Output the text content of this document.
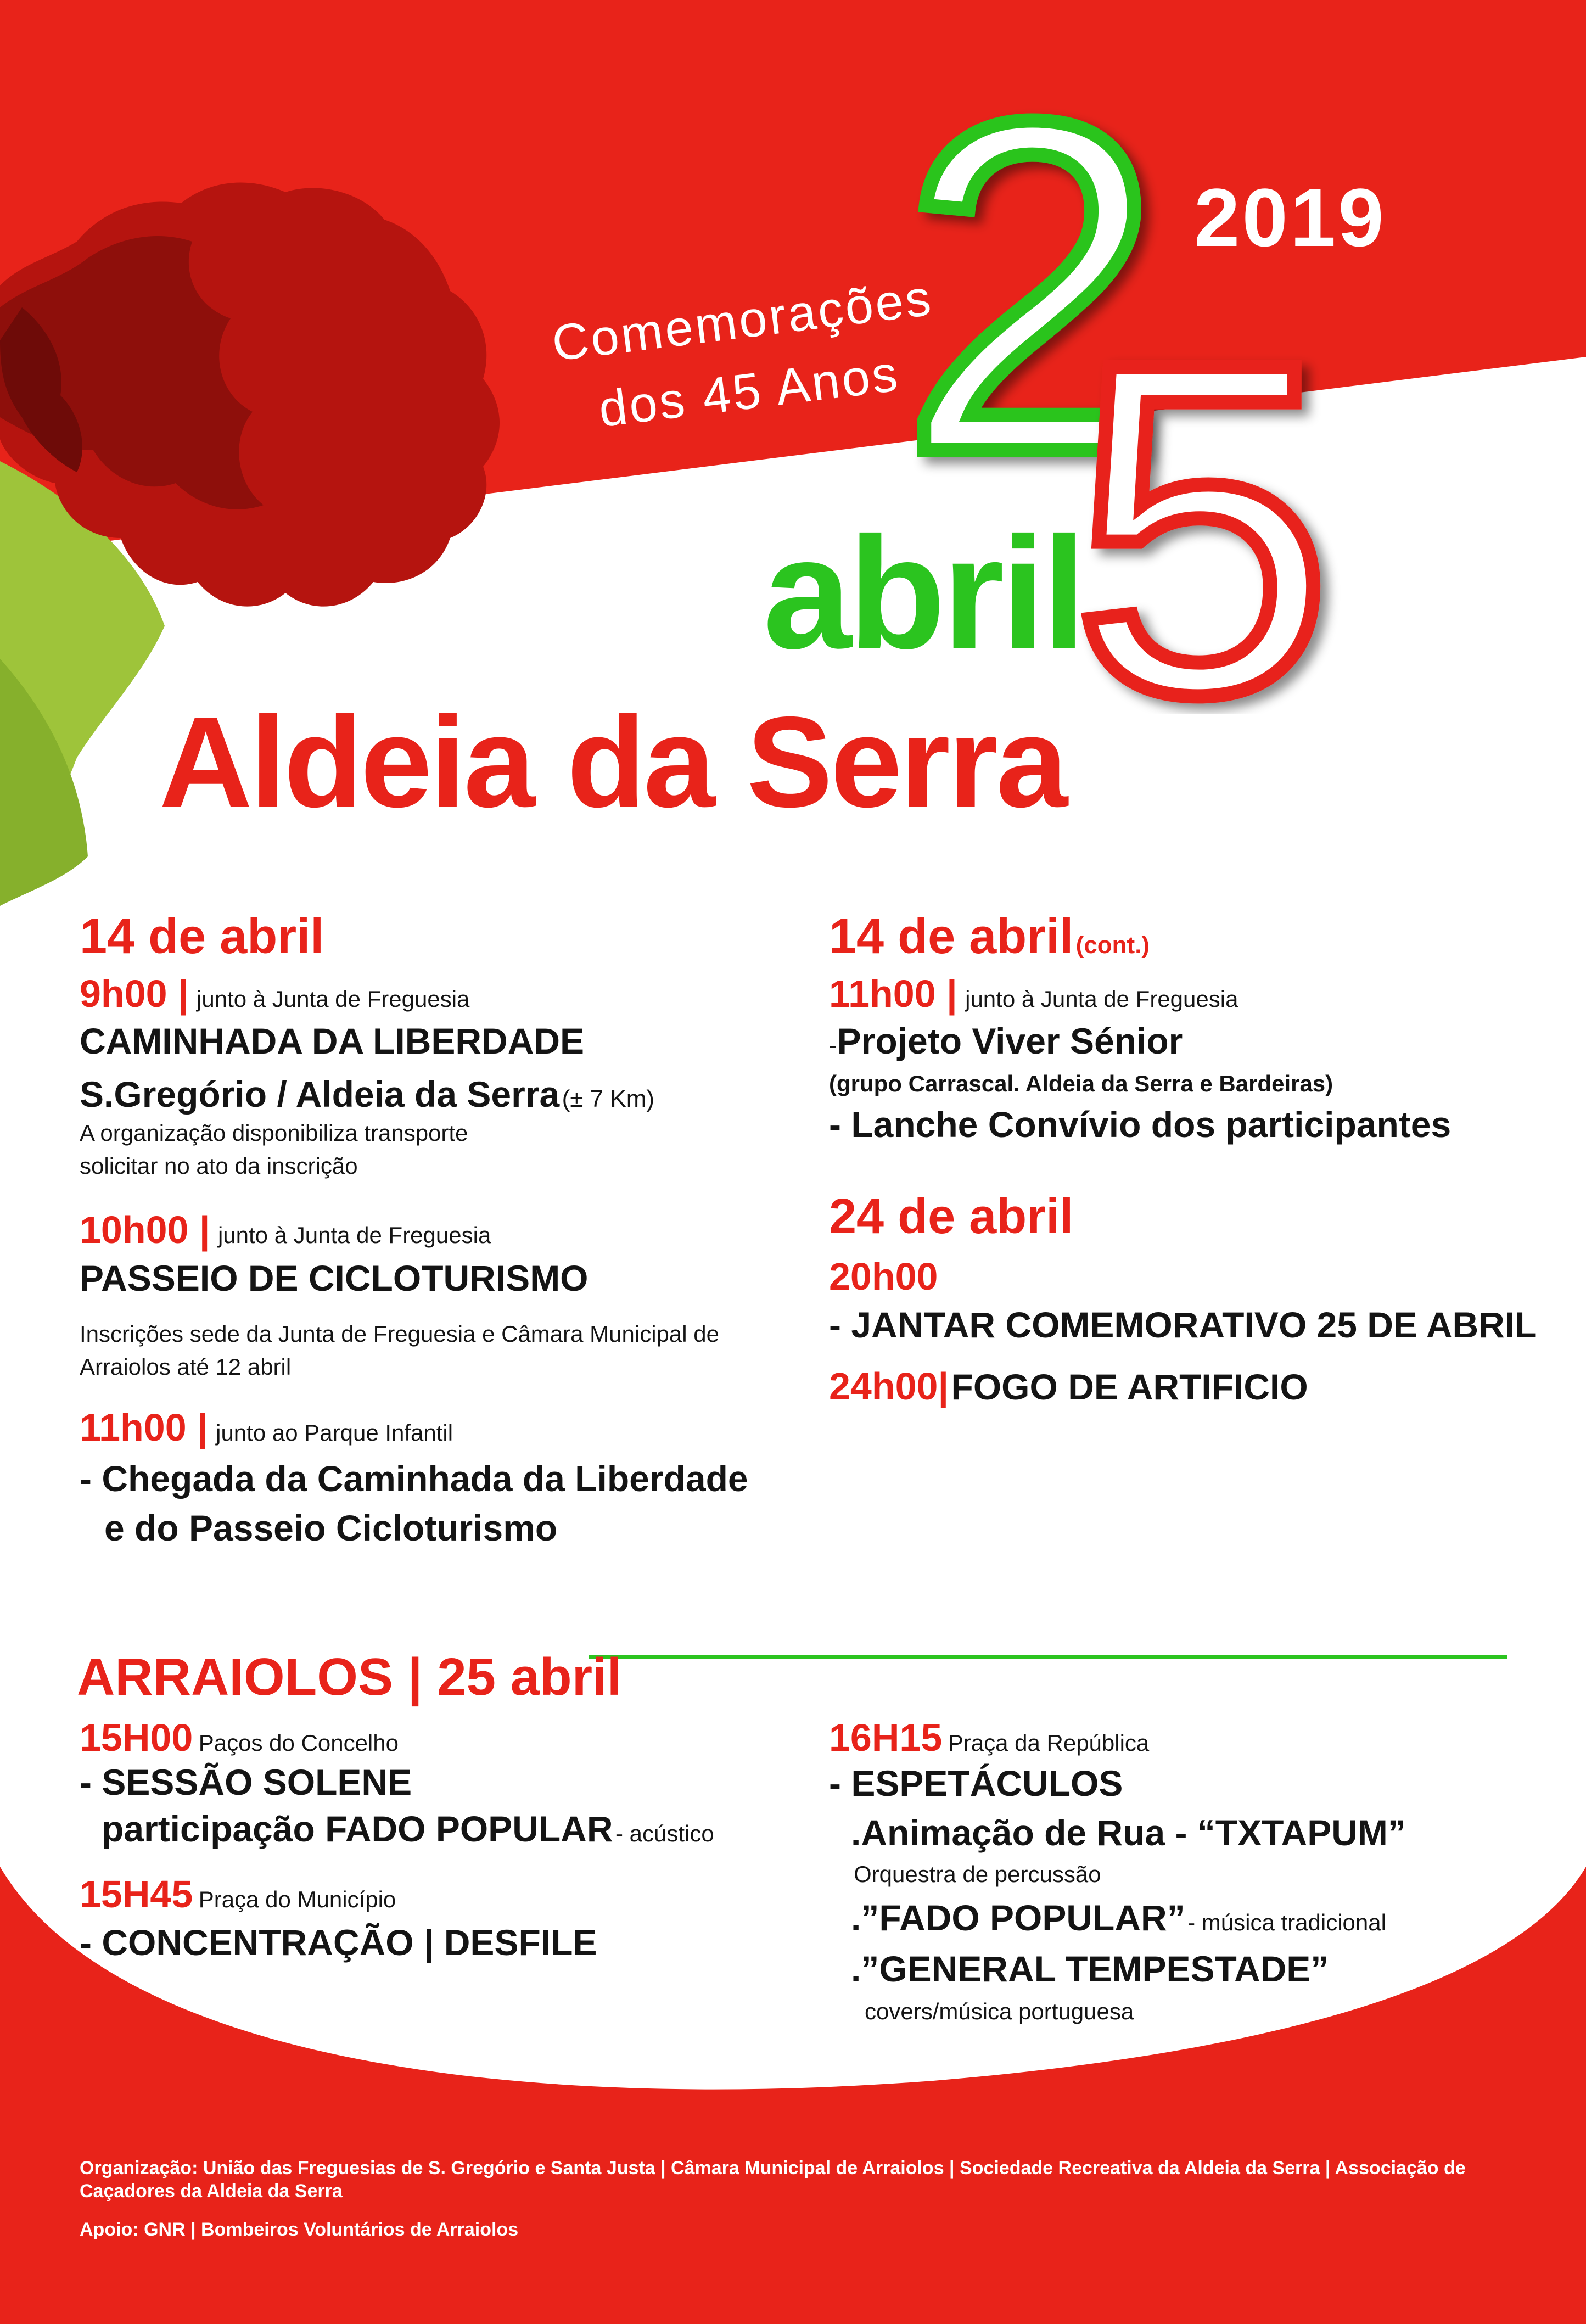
2019
Comemorações
dos 45 Anos
2
5
abril
Aldeia da Serra
14 de abril
9h00 | junto à Junta de Freguesia
CAMINHADA DA LIBERDADE
S.Gregório / Aldeia da Serra (± 7 Km)
A organização disponibiliza transporte
solicitar no ato da inscrição
10h00 | junto à Junta de Freguesia
PASSEIO DE CICLOTURISMO
Inscrições sede da Junta de Freguesia e Câmara Municipal de Arraiolos até 12 abril
11h00 | junto ao Parque Infantil
- Chegada da Caminhada da Liberdade
e do Passeio Cicloturismo
14 de abril (cont.)
11h00 | junto à Junta de Freguesia
-Projeto Viver Sénior
(grupo Carrascal. Aldeia da Serra e Bardeiras)
- Lanche Convívio dos participantes
24 de abril
20h00
- JANTAR COMEMORATIVO 25 DE ABRIL
24h00| FOGO DE ARTIFICIO
ARRAIOLOS | 25 abril
15H00 Paços do Concelho
- SESSÃO SOLENE
participação FADO POPULAR - acústico
15H45 Praça do Município
- CONCENTRAÇÃO | DESFILE
16H15 Praça da República
- ESPETÁCULOS
.Animação de Rua - “TXTAPUM”
Orquestra de percussão
.”FADO POPULAR” - música tradicional
.”GENERAL TEMPESTADE”
covers/música portuguesa
Organização: União das Freguesias de S. Gregório e Santa Justa | Câmara Municipal de Arraiolos | Sociedade Recreativa da Aldeia da Serra | Associação de Caçadores da Aldeia da Serra
Apoio: GNR | Bombeiros Voluntários de Arraiolos
